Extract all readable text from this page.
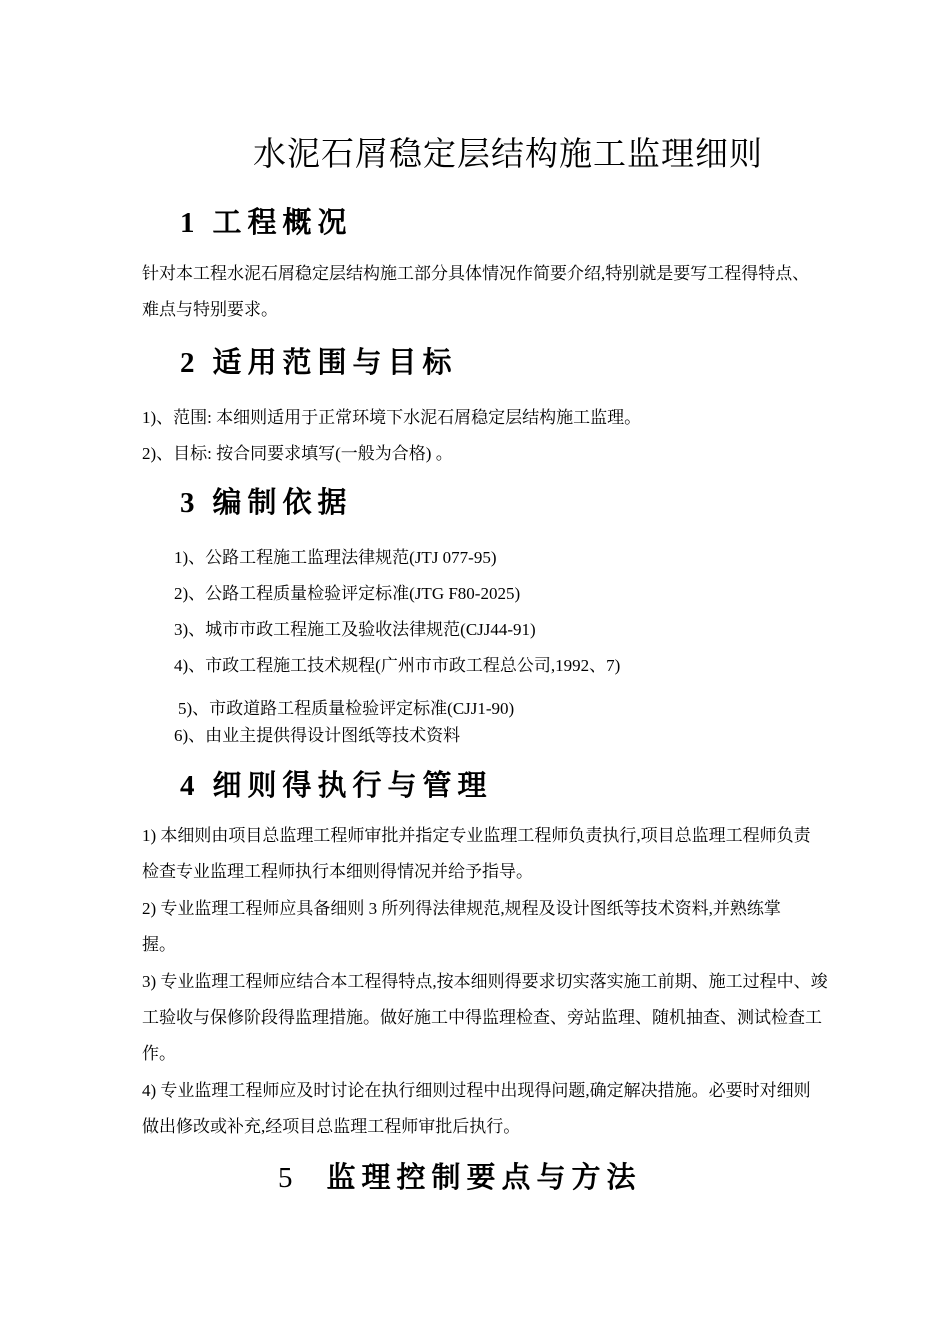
水泥石屑稳定层结构施工监理细则
1 工程概况

针对本工程水泥石屑稳定层结构施工部分具体情况作简要介绍,特别就是要写工程得特点、难点与特别要求。

2 适用范围与目标

1)、范围: 本细则适用于正常环境下水泥石屑稳定层结构施工监理。

2)、目标: 按合同要求填写(一般为合格) 。

3 编制依据

1)、公路工程施工监理法律规范(JTJ 077-95)

2)、公路工程质量检验评定标准(JTG F80-2025)

3)、城市市政工程施工及验收法律规范(CJJ44-91)

4)、市政工程施工技术规程(广州市市政工程总公司,1992、7)

5)、市政道路工程质量检验评定标准(CJJ1-90)

6)、由业主提供得设计图纸等技术资料

4 细则得执行与管理

1) 本细则由项目总监理工程师审批并指定专业监理工程师负责执行,项目总监理工程师负责检查专业监理工程师执行本细则得情况并给予指导。

2) 专业监理工程师应具备细则 3 所列得法律规范,规程及设计图纸等技术资料,并熟练掌握。

3) 专业监理工程师应结合本工程得特点,按本细则得要求切实落实施工前期、施工过程中、竣工验收与保修阶段得监理措施。做好施工中得监理检查、旁站监理、随机抽查、测试检查工作。

4) 专业监理工程师应及时讨论在执行细则过程中出现得问题,确定解决措施。必要时对细则做出修改或补充,经项目总监理工程师审批后执行。

5 监理控制要点与方法
